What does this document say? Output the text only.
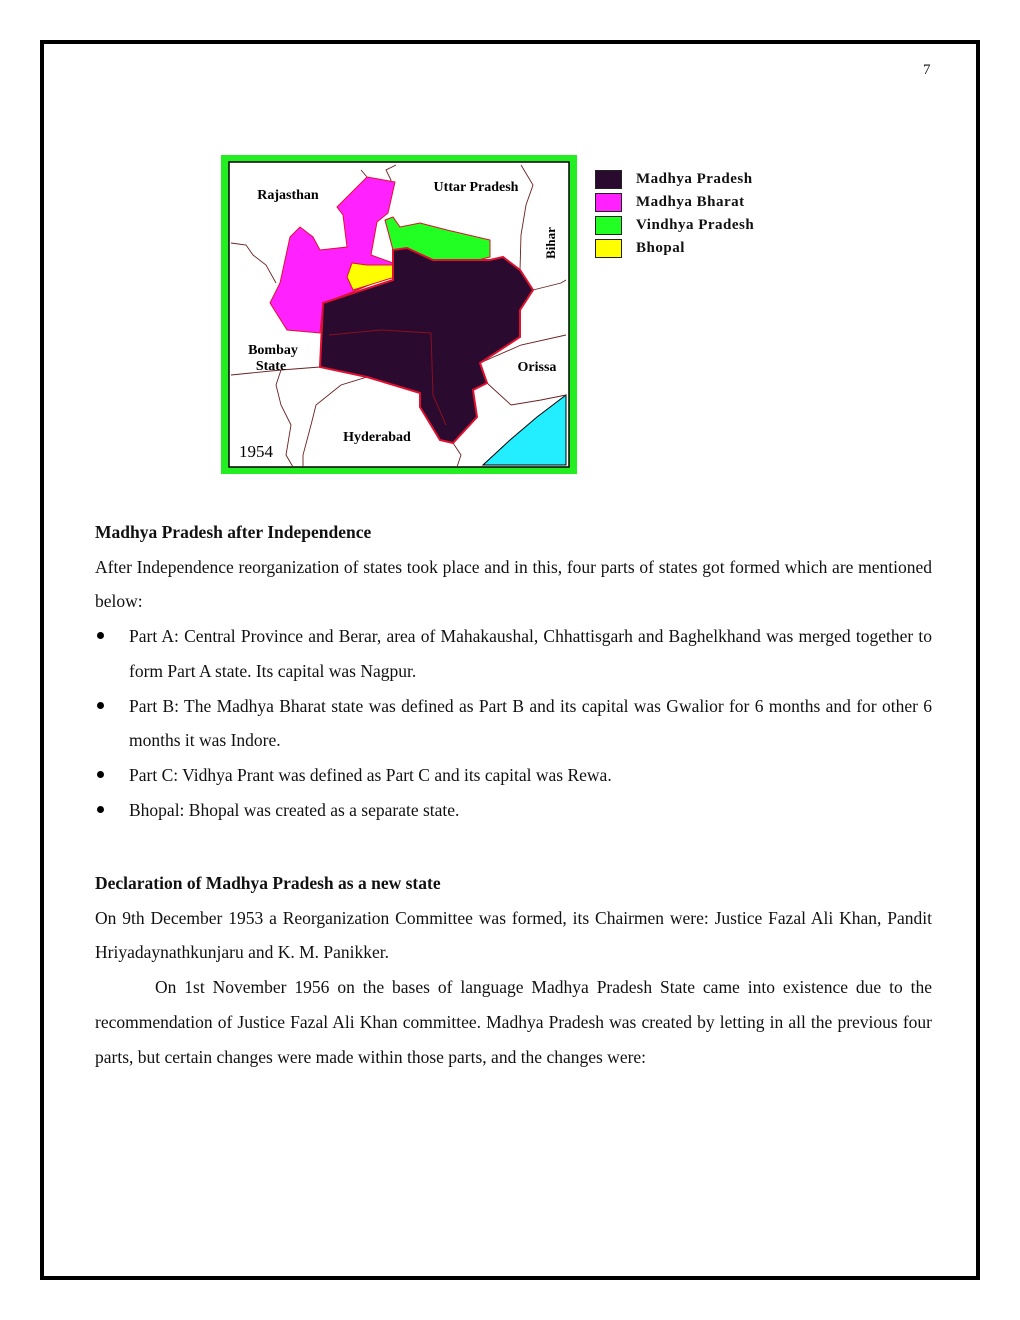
7
Rajasthan
Uttar Pradesh
Bihar
Bombay
State	Orissa
Hyderabad
1954
Madhya Pradesh
Madhya Bharat
Vindhya Pradesh
Bhopal
Madhya Pradesh after Independence

After Independence reorganization of states took place and in this, four parts of states got formed which are mentioned below:

Part A: Central Province and Berar, area of Mahakaushal, Chhattisgarh and Baghelkhand was merged together to form Part A state. Its capital was Nagpur.
Part B: The Madhya Bharat state was defined as Part B and its capital was Gwalior for 6 months and for other 6 months it was Indore.
Part C: Vidhya Prant was defined as Part C and its capital was Rewa.
Bhopal: Bhopal was created as a separate state.
Declaration of Madhya Pradesh as a new state

On 9th December 1953 a Reorganization Committee was formed, its Chairmen were: Justice Fazal Ali Khan, Pandit Hriyadaynathkunjaru and K. M. Panikker.

On 1st November 1956 on the bases of language Madhya Pradesh State came into existence due to the recommendation of Justice Fazal Ali Khan committee. Madhya Pradesh was created by letting in all the previous four parts, but certain changes were made within those parts, and the changes were:
